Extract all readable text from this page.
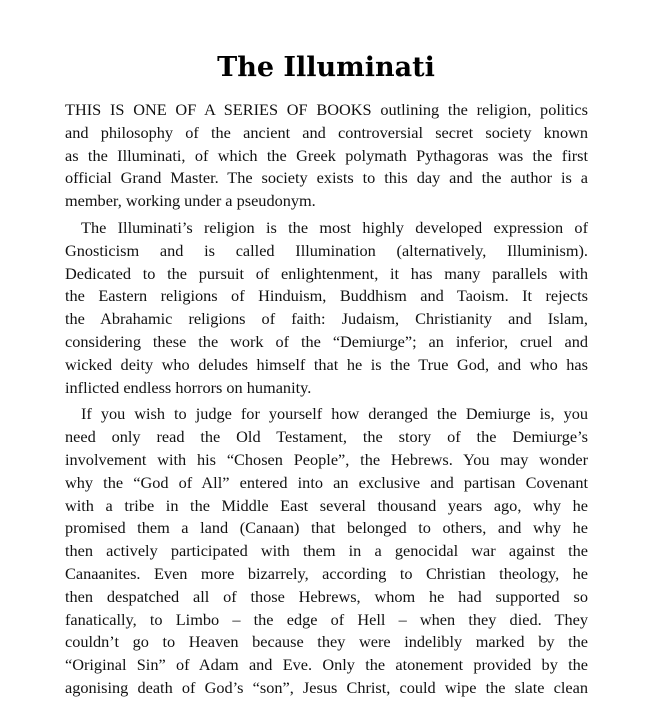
The Illuminati

THIS IS ONE OF A SERIES OF BOOKS outlining the religion, politics
and philosophy of the ancient and controversial secret society known
as the Illuminati, of which the Greek polymath Pythagoras was the first
official Grand Master. The society exists to this day and the author is a
member, working under a pseudonym.

The Illuminati’s religion is the most highly developed expression of
Gnosticism and is called Illumination (alternatively, Illuminism).
Dedicated to the pursuit of enlightenment, it has many parallels with
the Eastern religions of Hinduism, Buddhism and Taoism. It rejects
the Abrahamic religions of faith: Judaism, Christianity and Islam,
considering these the work of the “Demiurge”; an inferior, cruel and
wicked deity who deludes himself that he is the True God, and who has
inflicted endless horrors on humanity.

If you wish to judge for yourself how deranged the Demiurge is, you
need only read the Old Testament, the story of the Demiurge’s
involvement with his “Chosen People”, the Hebrews. You may wonder
why the “God of All” entered into an exclusive and partisan Covenant
with a tribe in the Middle East several thousand years ago, why he
promised them a land (Canaan) that belonged to others, and why he
then actively participated with them in a genocidal war against the
Canaanites. Even more bizarrely, according to Christian theology, he
then despatched all of those Hebrews, whom he had supported so
fanatically, to Limbo – the edge of Hell – when they died. They
couldn’t go to Heaven because they were indelibly marked by the
“Original Sin” of Adam and Eve. Only the atonement provided by the
agonising death of God’s “son”, Jesus Christ, could wipe the slate clean
